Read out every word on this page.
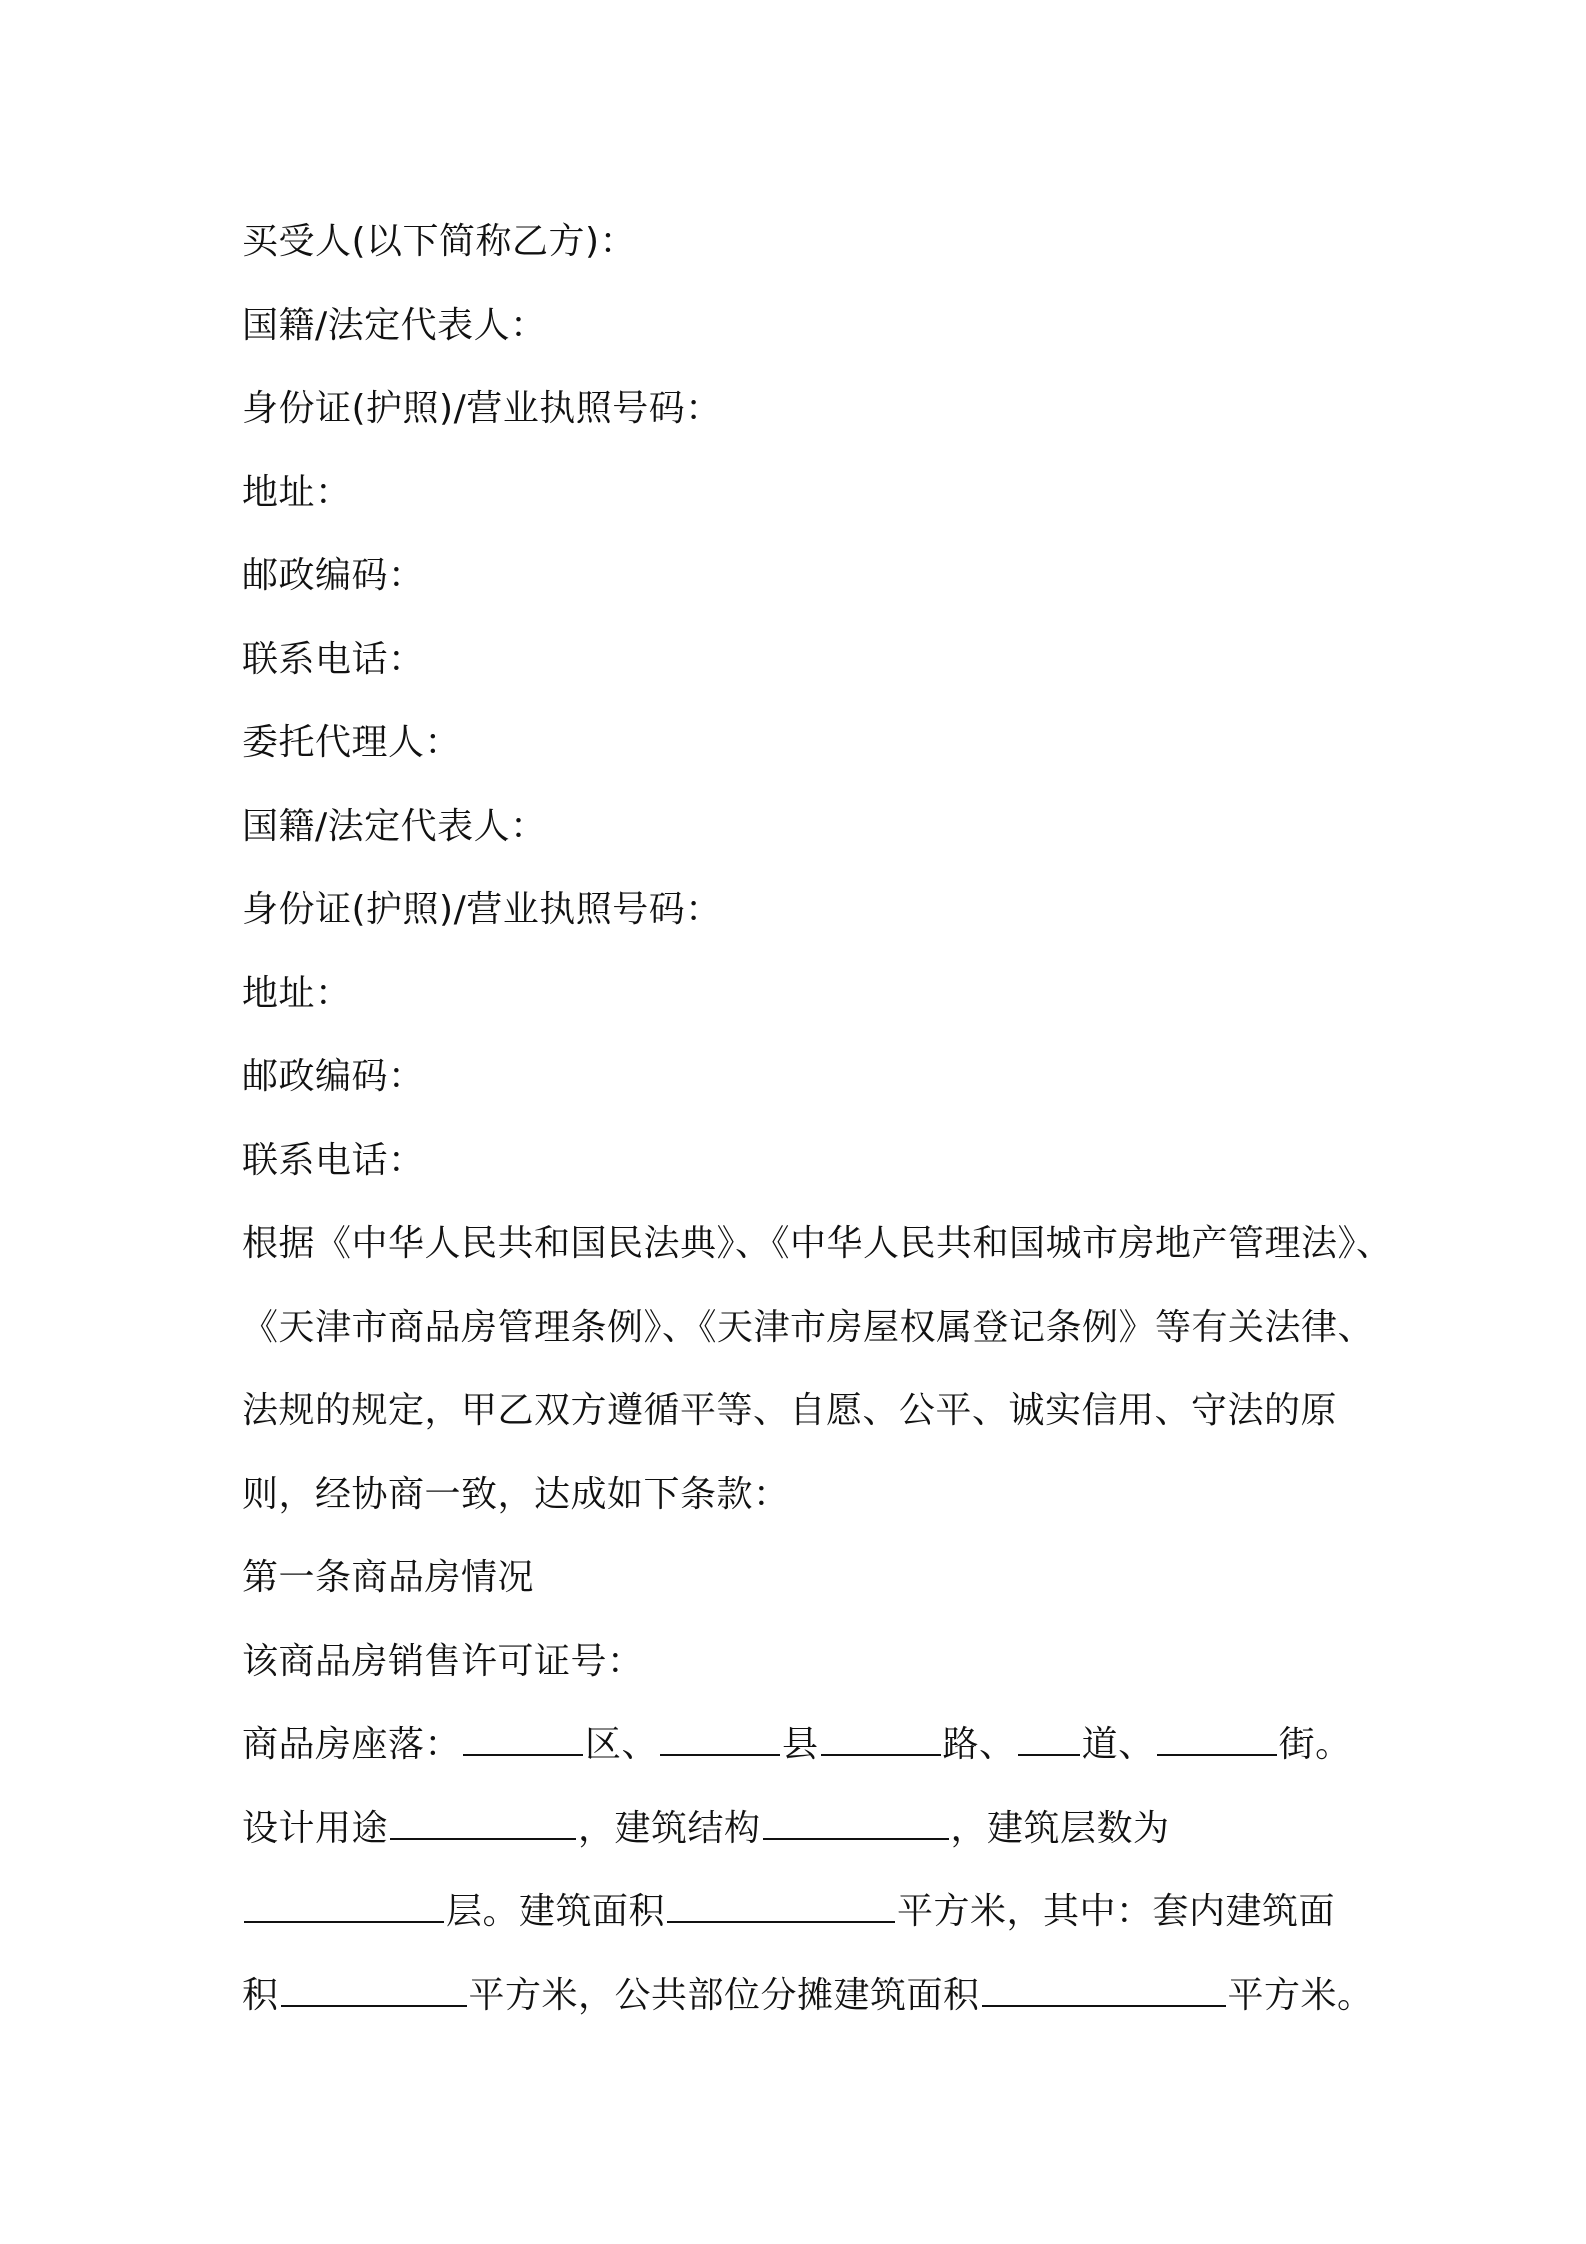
买受人(以下简称乙方)：
国籍/法定代表人：
身份证(护照)/营业执照号码：
地址：
邮政编码：
联系电话：
委托代理人：
国籍/法定代表人：
身份证(护照)/营业执照号码：
地址：
邮政编码：
联系电话：
根据《中华人民共和国民法典》、《中华人民共和国城市房地产管理法》、
《天津市商品房管理条例》、《天津市房屋权属登记条例》等有关法律、
法规的规定，甲乙双方遵循平等、自愿、公平、诚实信用、守法的原
则，经协商一致，达成如下条款：
第一条商品房情况
该商品房销售许可证号：
商品房座落：	区、	县	路、 道、	街。
设计用途	，建筑结构	，建筑层数为
层。建筑面积	平方米，其中：套内建筑面
积	平方米，公共部位分摊建筑面积	平方米。
